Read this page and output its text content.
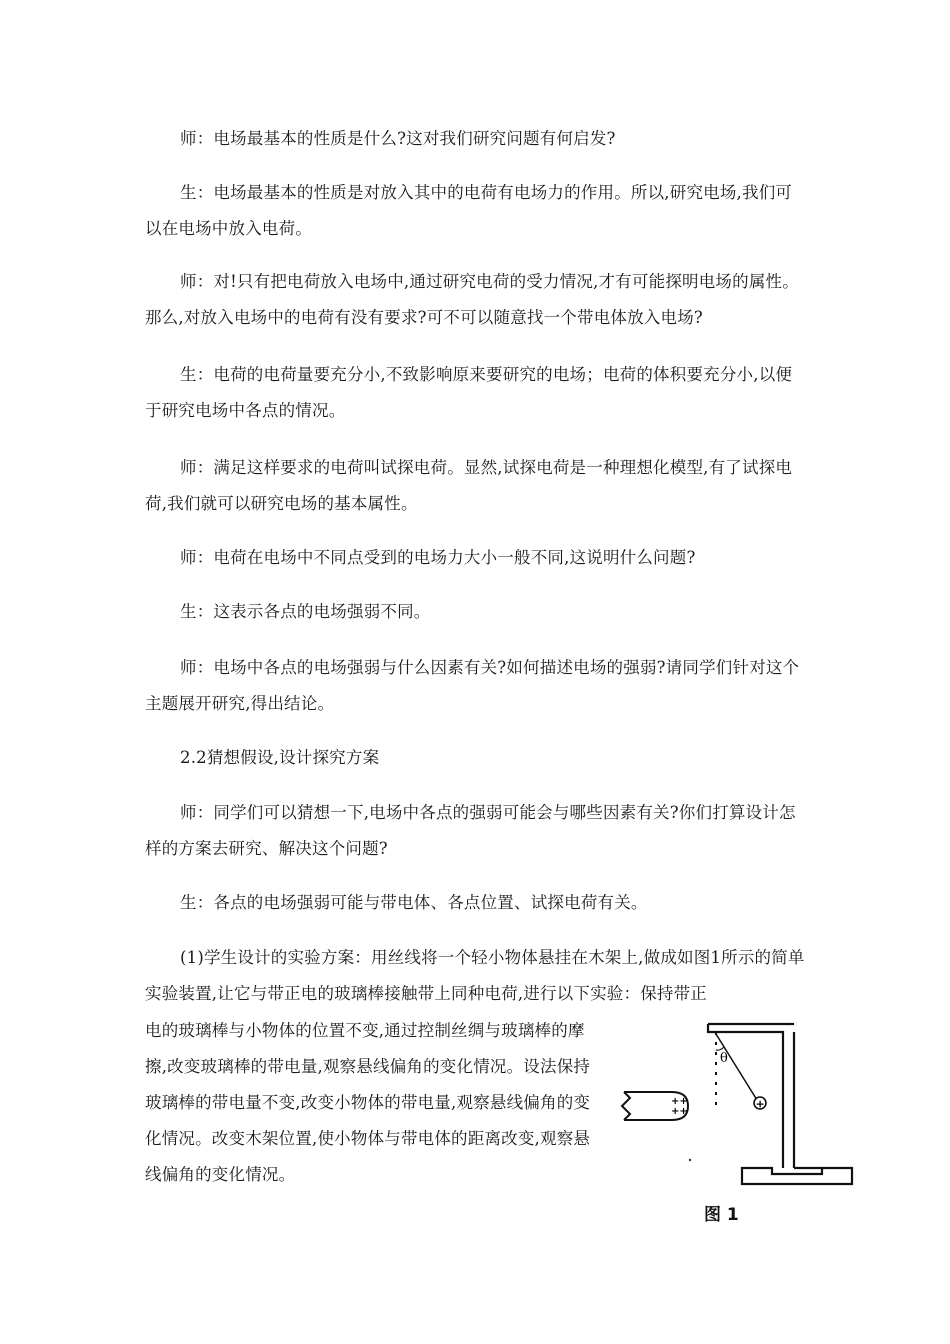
师：电场最基本的性质是什么?这对我们研究问题有何启发?

生：电场最基本的性质是对放入其中的电荷有电场力的作用。所以,研究电场,我们可以在电场中放入电荷。

师：对!只有把电荷放入电场中,通过研究电荷的受力情况,才有可能探明电场的属性。那么,对放入电场中的电荷有没有要求?可不可以随意找一个带电体放入电场?

生：电荷的电荷量要充分小,不致影响原来要研究的电场；电荷的体积要充分小,以便于研究电场中各点的情况。

师：满足这样要求的电荷叫试探电荷。显然,试探电荷是一种理想化模型,有了试探电荷,我们就可以研究电场的基本属性。

师：电荷在电场中不同点受到的电场力大小一般不同,这说明什么问题?

生：这表示各点的电场强弱不同。

师：电场中各点的电场强弱与什么因素有关?如何描述电场的强弱?请同学们针对这个主题展开研究,得出结论。

2.2猜想假设,设计探究方案

师：同学们可以猜想一下,电场中各点的强弱可能会与哪些因素有关?你们打算设计怎样的方案去研究、解决这个问题?

生：各点的电场强弱可能与带电体、各点位置、试探电荷有关。

(1)学生设计的实验方案：用丝线将一个轻小物体悬挂在木架上,做成如图1所示的简单实验装置,让它与带正电的玻璃棒接触带上同种电荷,进行以下实验：保持带正

电的玻璃棒与小物体的位置不变,通过控制丝绸与玻璃棒的摩擦,改变玻璃棒的带电量,观察悬线偏角的变化情况。设法保持玻璃棒的带电量不变,改变小物体的带电量,观察悬线偏角的变化情况。改变木架位置,使小物体与带电体的距离改变,观察悬线偏角的变化情况。

θ
+
++
++
图 1
